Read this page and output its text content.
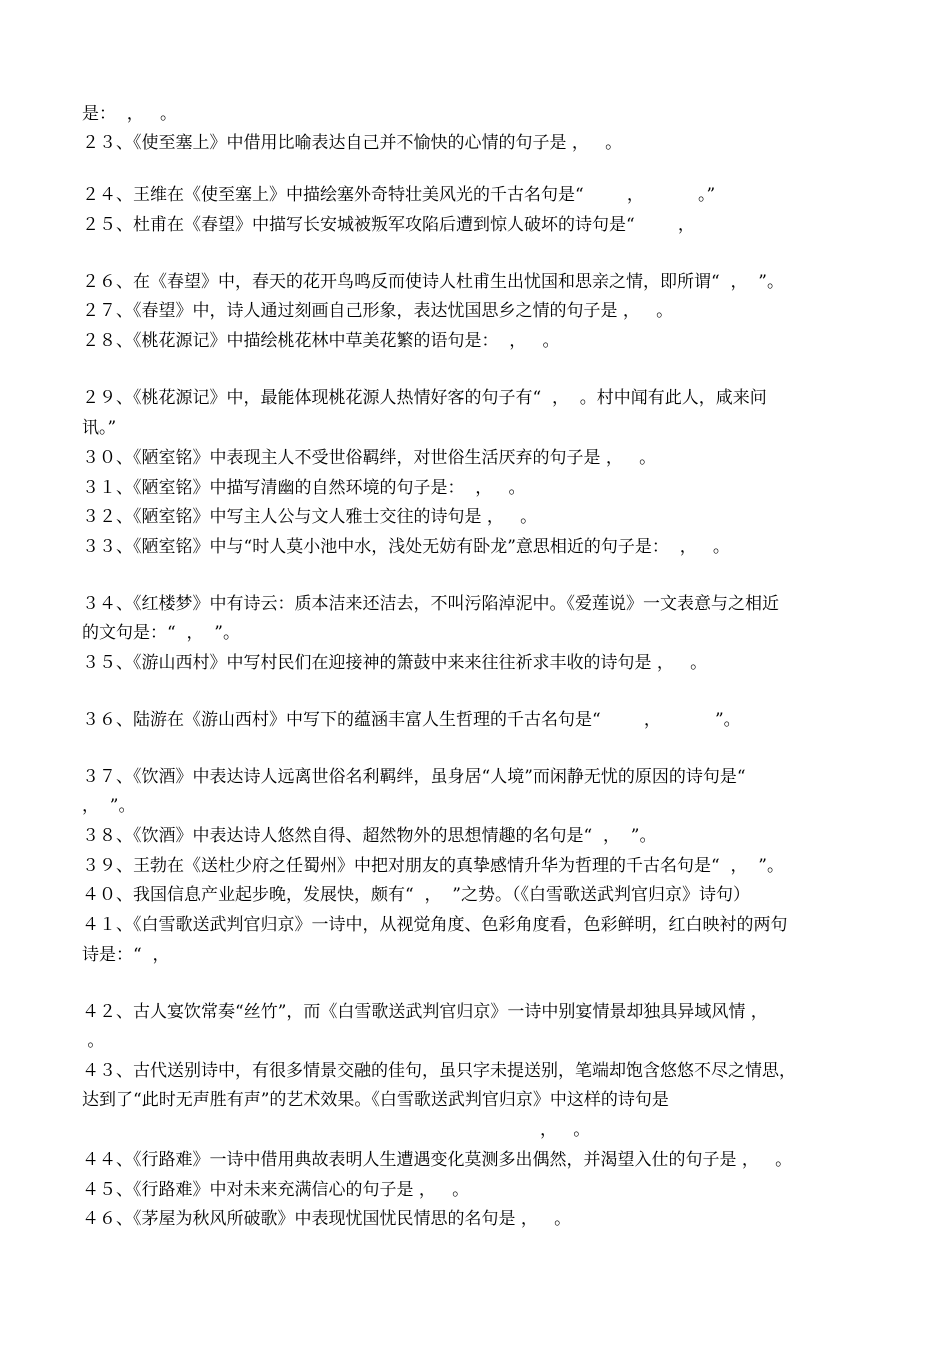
是：  ，   。
２３、《使至塞上》中借用比喻表达自己并不愉快的心情的句子是 ，   。
２４、王维在《使至塞上》中描绘塞外奇特壮美风光的千古名句是“        ，          。”
２５、杜甫在《春望》中描写长安城被叛军攻陷后遭到惊人破坏的诗句是“        ，
２６、在《春望》中，春天的花开鸟鸣反而使诗人杜甫生出忧国和思亲之情，即所谓“  ，  ”。
２７、《春望》中，诗人通过刻画自己形象，表达忧国思乡之情的句子是 ，   。
２８、《桃花源记》中描绘桃花林中草美花繁的语句是：  ，   。
２９、《桃花源记》中，最能体现桃花源人热情好客的句子有“  ，  。村中闻有此人，咸来问
讯。”
３０、《陋室铭》中表现主人不受世俗羁绊，对世俗生活厌弃的句子是 ，   。
３１、《陋室铭》中描写清幽的自然环境的句子是：  ，   。
３２、《陋室铭》中写主人公与文人雅士交往的诗句是 ，   。
３３、《陋室铭》中与“时人莫小池中水，浅处无妨有卧龙”意思相近的句子是：  ，   。
３４、《红楼梦》中有诗云：质本洁来还洁去，不叫污陷淖泥中。《爱莲说》一文表意与之相近
的文句是：“  ，  ”。
３５、《游山西村》中写村民们在迎接神的箫鼓中来来往往祈求丰收的诗句是 ，   。
３６、陆游在《游山西村》中写下的蕴涵丰富人生哲理的千古名句是“        ，          ”。
３７、《饮酒》中表达诗人远离世俗名利羁绊，虽身居“人境”而闲静无忧的原因的诗句是“
，  ”。
３８、《饮酒》中表达诗人悠然自得、超然物外的思想情趣的名句是“  ，  ”。
３９、王勃在《送杜少府之任蜀州》中把对朋友的真挚感情升华为哲理的千古名句是“  ，  ”。
４０、我国信息产业起步晚，发展快，颇有“  ，  ”之势。（《白雪歌送武判官归京》诗句）
４１、《白雪歌送武判官归京》一诗中，从视觉角度、色彩角度看，色彩鲜明，红白映衬的两句
诗是：“  ，
４２、古人宴饮常奏“丝竹”，而《白雪歌送武判官归京》一诗中别宴情景却独具异域风情 ，
。
４３、古代送别诗中，有很多情景交融的佳句，虽只字未提送别，笔端却饱含悠悠不尽之情思，
达到了“此时无声胜有声”的艺术效果。《白雪歌送武判官归京》中这样的诗句是
，   。
４４、《行路难》一诗中借用典故表明人生遭遇变化莫测多出偶然，并渴望入仕的句子是 ，   。
４５、《行路难》中对未来充满信心的句子是 ，   。
４６、《茅屋为秋风所破歌》中表现忧国忧民情思的名句是 ，   。
